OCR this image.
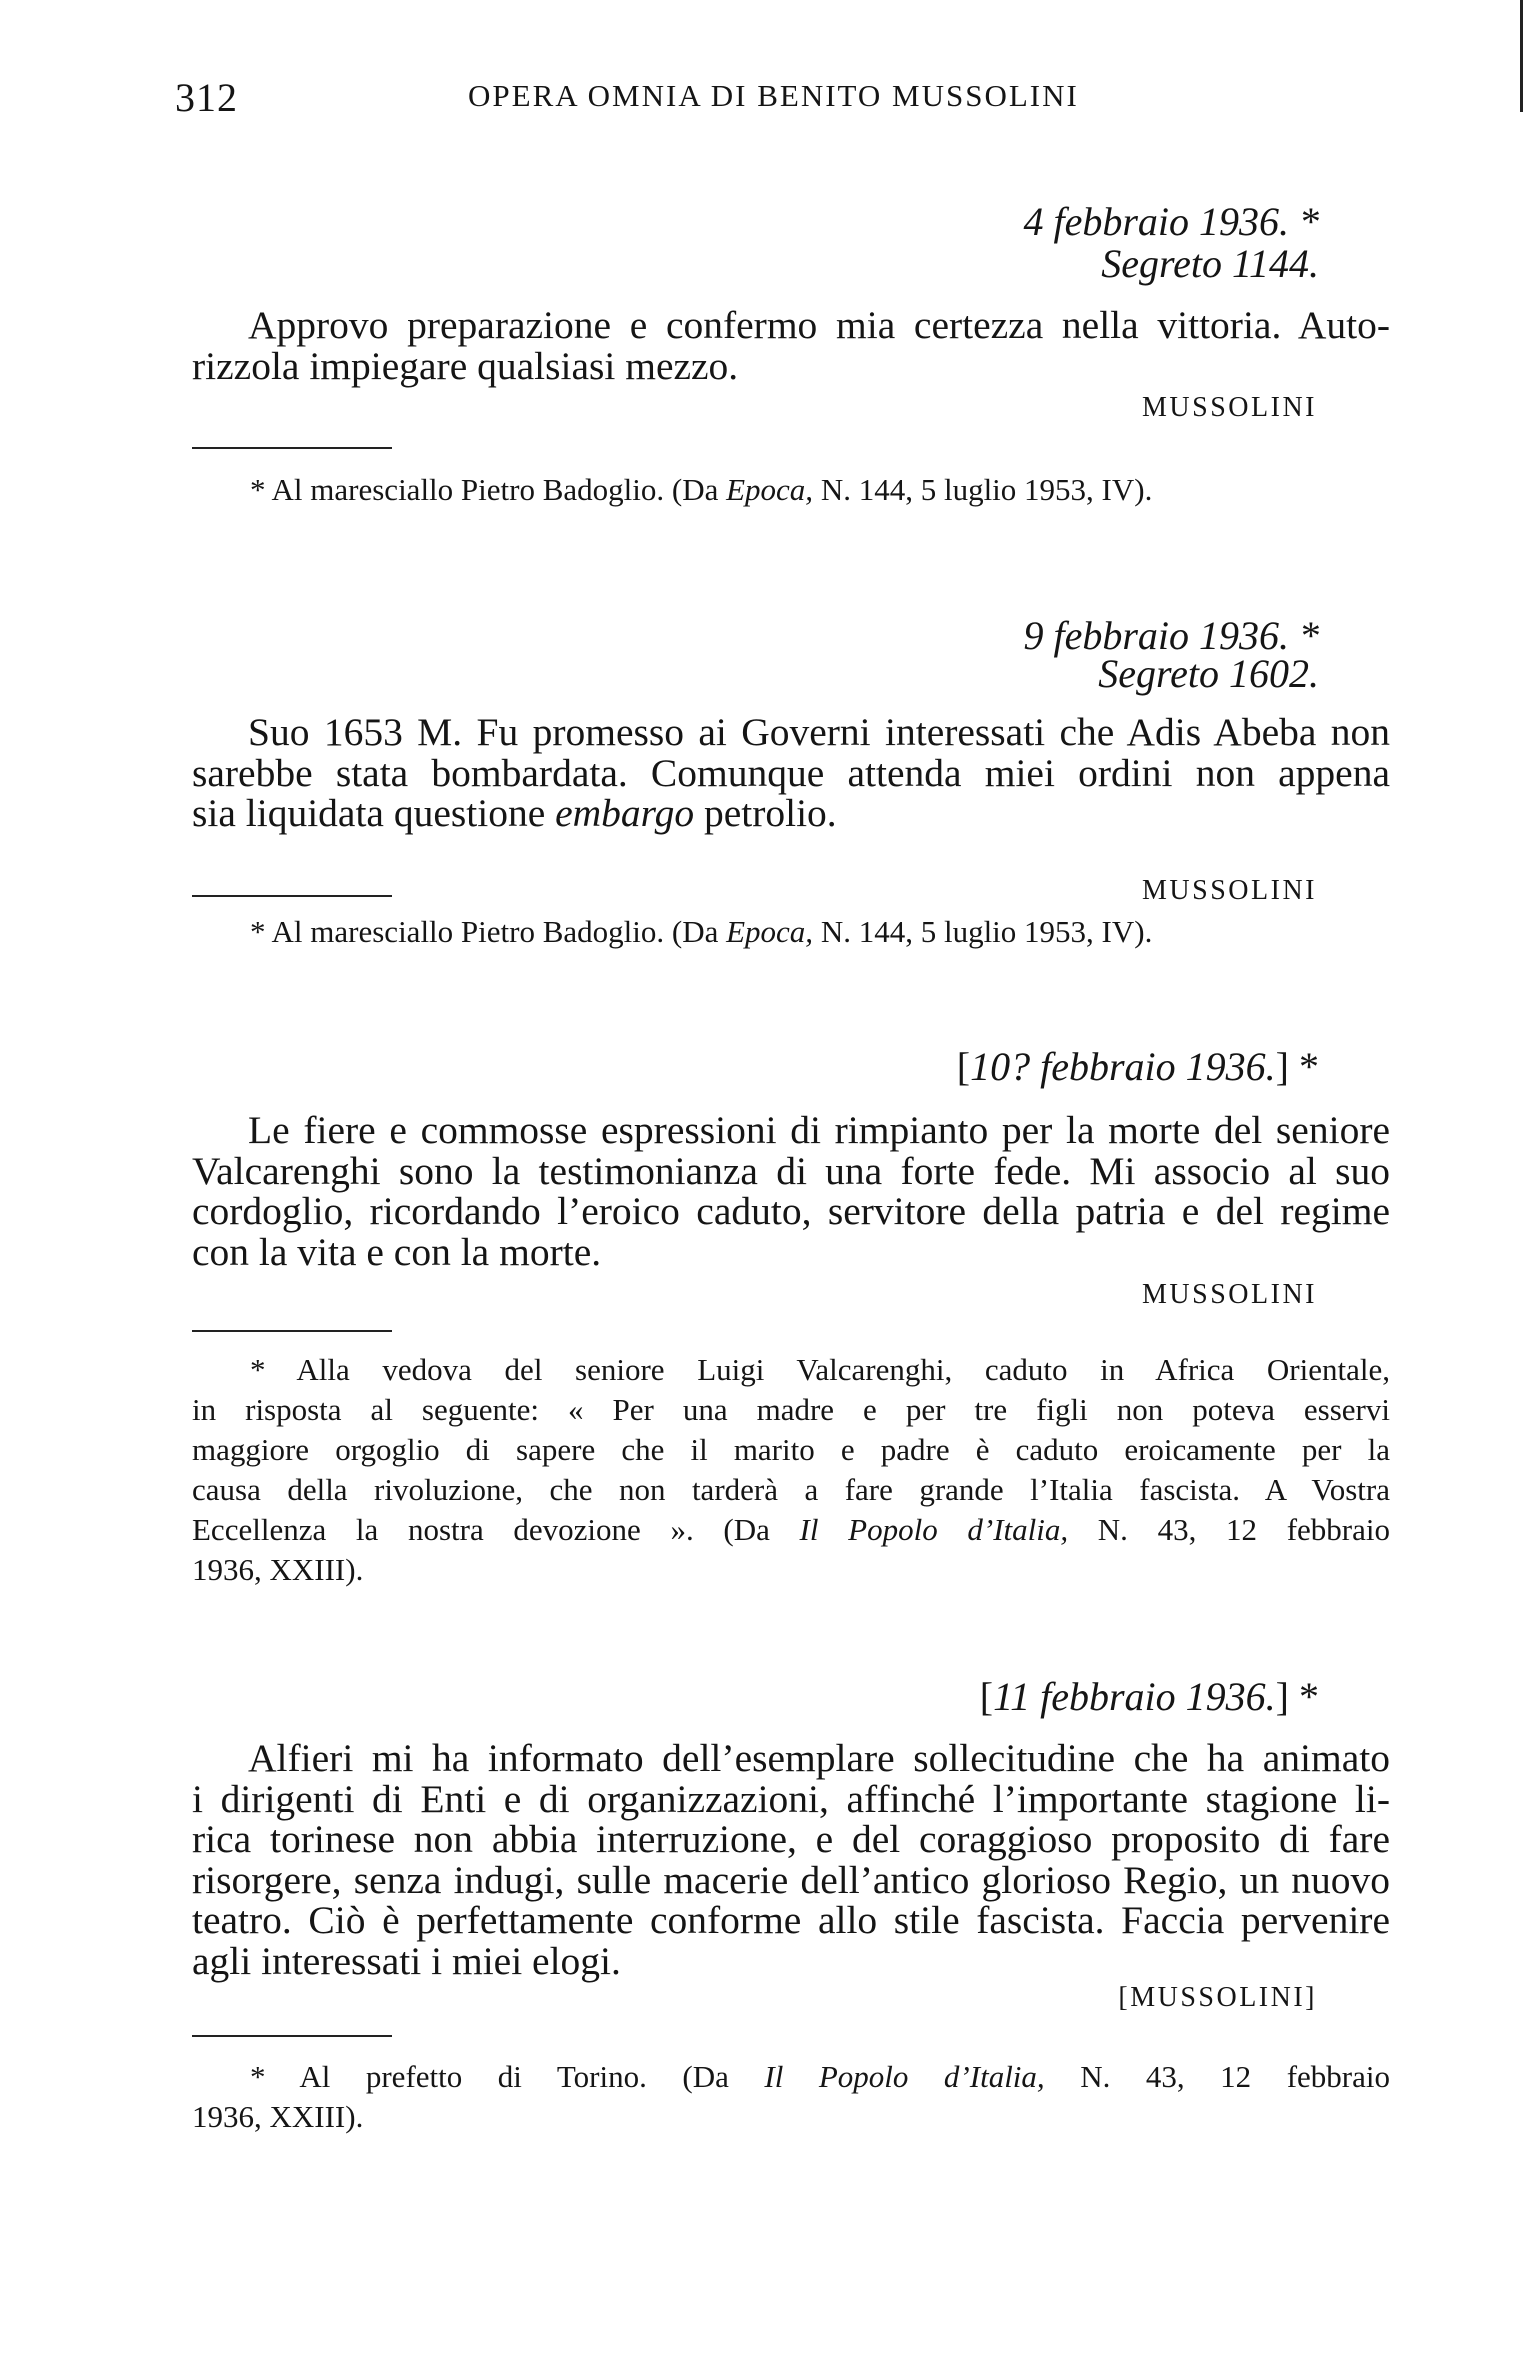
312	OPERA OMNIA DI BENITO MUSSOLINI
4 febbraio 1936. *
Segreto 1144.
Approvo preparazione e confermo mia certezza nella vittoria. Auto-
rizzola impiegare qualsiasi mezzo.
MUSSOLINI
* Al maresciallo Pietro Badoglio. (Da Epoca, N. 144, 5 luglio 1953, IV).
9 febbraio 1936. *
Segreto 1602.
Suo 1653 M. Fu promesso ai Governi interessati che Adis Abeba non
sarebbe stata bombardata. Comunque attenda miei ordini non appena
sia liquidata questione embargo petrolio.
MUSSOLINI
* Al maresciallo Pietro Badoglio. (Da Epoca, N. 144, 5 luglio 1953, IV).
[10? febbraio 1936.] *
Le fiere e commosse espressioni di rimpianto per la morte del seniore
Valcarenghi sono la testimonianza di una forte fede. Mi associo al suo
cordoglio, ricordando l’eroico caduto, servitore della patria e del regime
con la vita e con la morte.
MUSSOLINI
* Alla vedova del seniore Luigi Valcarenghi, caduto in Africa Orientale,
in risposta al seguente: « Per una madre e per tre figli non poteva esservi
maggiore orgoglio di sapere che il marito e padre è caduto eroicamente per la
causa della rivoluzione, che non tarderà a fare grande l’Italia fascista. A Vostra
Eccellenza la nostra devozione ». (Da Il Popolo d’Italia, N. 43, 12 febbraio
1936, XXIII).
[11 febbraio 1936.] *
Alfieri mi ha informato dell’esemplare sollecitudine che ha animato
i dirigenti di Enti e di organizzazioni, affinché l’importante stagione li-
rica torinese non abbia interruzione, e del coraggioso proposito di fare
risorgere, senza indugi, sulle macerie dell’antico glorioso Regio, un nuovo
teatro. Ciò è perfettamente conforme allo stile fascista. Faccia pervenire
agli interessati i miei elogi.
[MUSSOLINI]
* Al prefetto di Torino. (Da Il Popolo d’Italia, N. 43, 12 febbraio
1936, XXIII).
